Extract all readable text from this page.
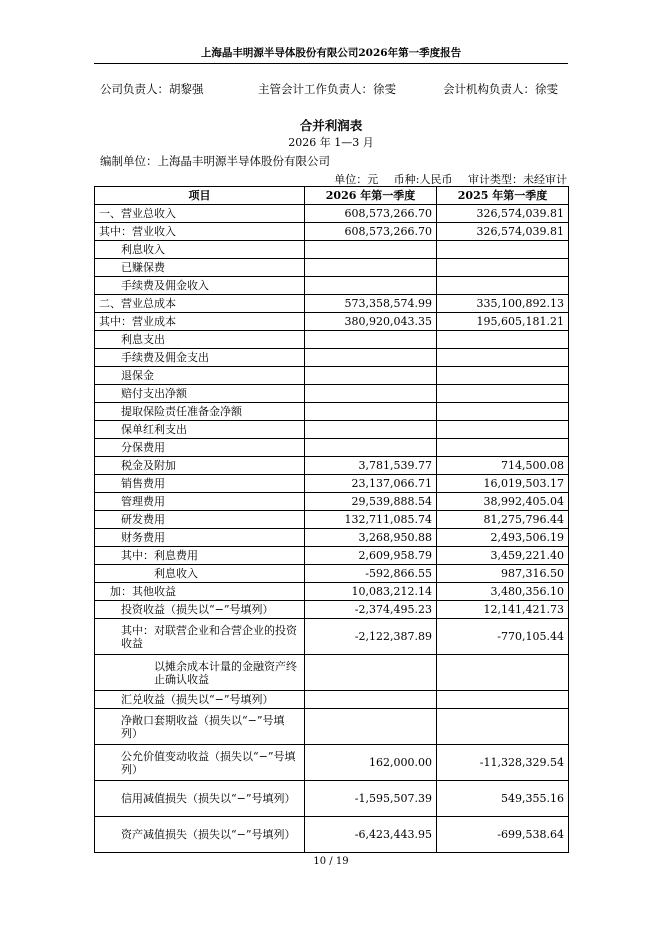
上海晶丰明源半导体股份有限公司2026年第一季度报告
公司负责人：胡黎强	主管会计工作负责人：徐雯	会计机构负责人：徐雯
合并利润表
2026 年 1—3 月
编制单位：上海晶丰明源半导体股份有限公司
单位：元 币种:人民币 审计类型：未经审计
项目	2026 年第一季度	2025 年第一季度
一、营业总收入	608,573,266.70	326,574,039.81
其中：营业收入	608,573,266.70	326,574,039.81
利息收入		
已赚保费		
手续费及佣金收入		
二、营业总成本	573,358,574.99	335,100,892.13
其中：营业成本	380,920,043.35	195,605,181.21
利息支出		
手续费及佣金支出		
退保金		
赔付支出净额		
提取保险责任准备金净额		
保单红利支出		
分保费用		
税金及附加	3,781,539.77	714,500.08
销售费用	23,137,066.71	16,019,503.17
管理费用	29,539,888.54	38,992,405.04
研发费用	132,711,085.74	81,275,796.44
财务费用	3,268,950.88	2,493,506.19
其中：利息费用	2,609,958.79	3,459,221.40
利息收入	-592,866.55	987,316.50
加：其他收益	10,083,212.14	3,480,356.10
投资收益（损失以“−”号填列）	-2,374,495.23	12,141,421.73
其中：对联营企业和合营企业的投资收益	-2,122,387.89	-770,105.44
以摊余成本计量的金融资产终止确认收益		
汇兑收益（损失以“−”号填列）		
净敞口套期收益（损失以“−”号填列）		
公允价值变动收益（损失以“−”号填列）	162,000.00	-11,328,329.54
信用减值损失（损失以“−”号填列）	-1,595,507.39	549,355.16
资产减值损失（损失以“−”号填列）	-6,423,443.95	-699,538.64
10 / 19
